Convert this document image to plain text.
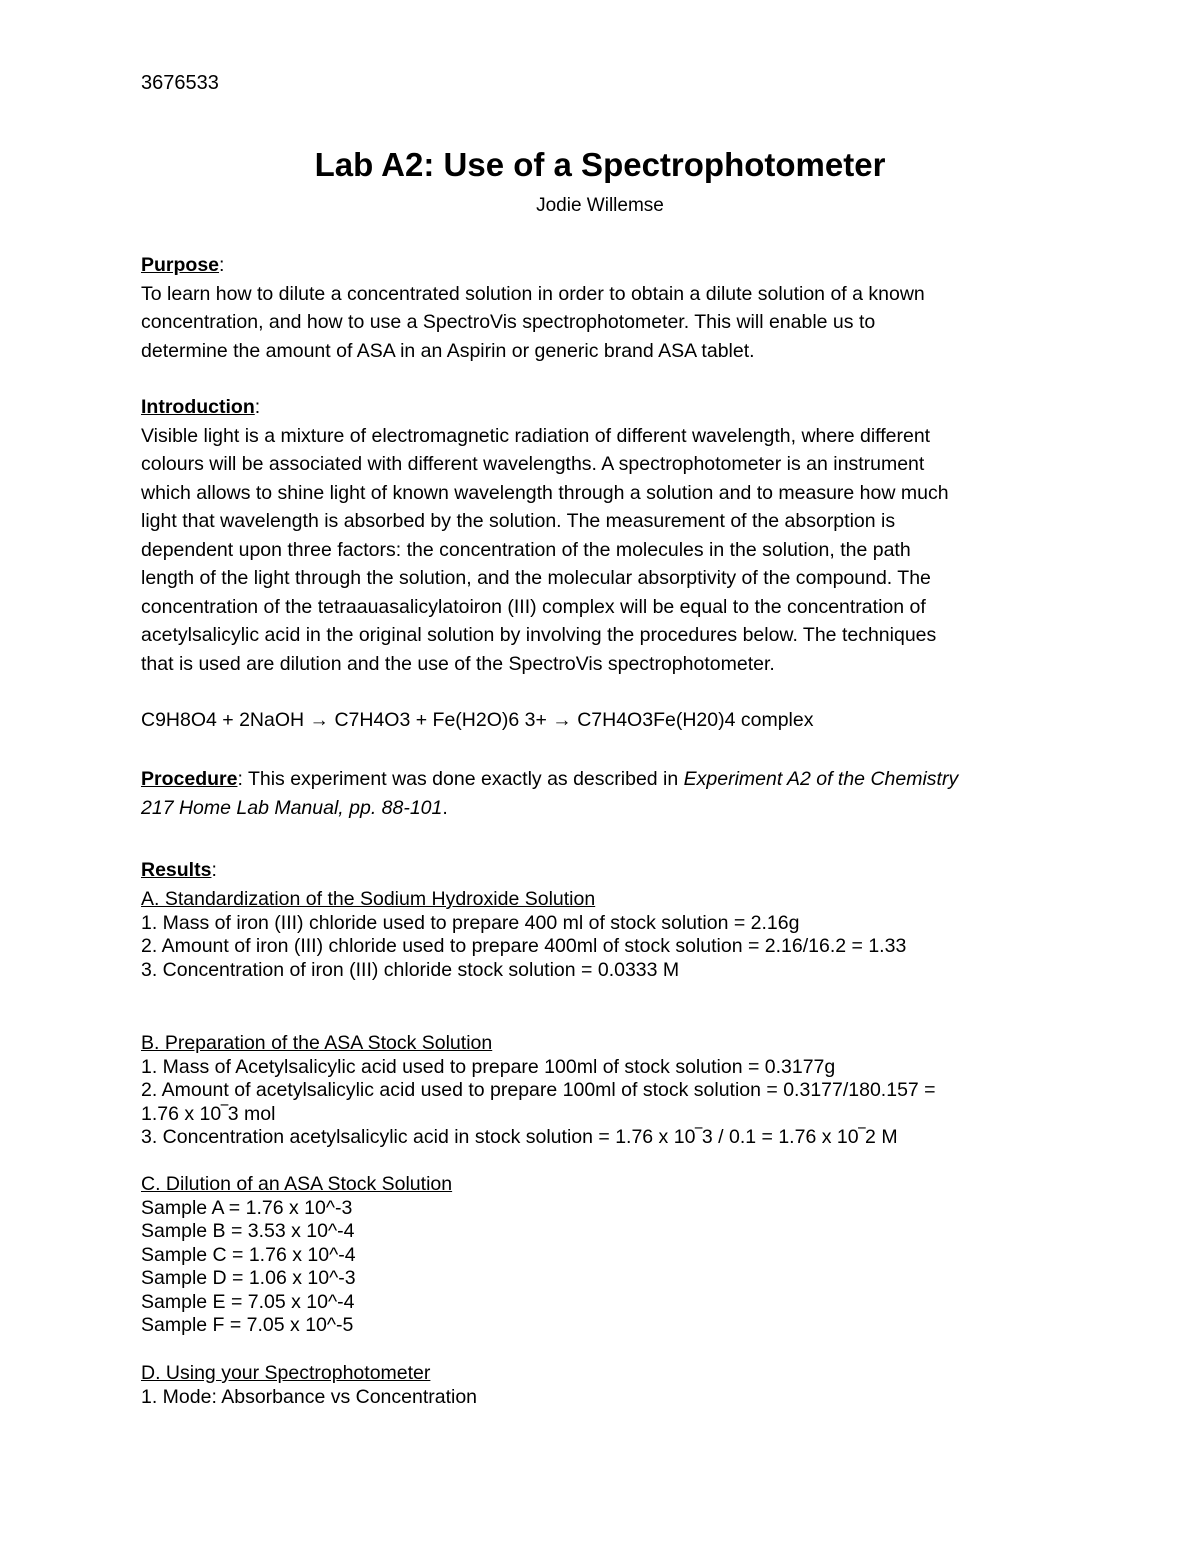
3676533
Lab A2: Use of a Spectrophotometer
Jodie Willemse
Purpose:
To learn how to dilute a concentrated solution in order to obtain a dilute solution of a known
concentration, and how to use a SpectroVis spectrophotometer. This will enable us to
determine the amount of ASA in an Aspirin or generic brand ASA tablet.
Introduction:
Visible light is a mixture of electromagnetic radiation of different wavelength, where different
colours will be associated with different wavelengths. A spectrophotometer is an instrument
which allows to shine light of known wavelength through a solution and to measure how much
light that wavelength is absorbed by the solution. The measurement of the absorption is
dependent upon three factors: the concentration of the molecules in the solution, the path
length of the light through the solution, and the molecular absorptivity of the compound. The
concentration of the tetraauasalicylatoiron (III) complex will be equal to the concentration of
acetylsalicylic acid in the original solution by involving the procedures below. The techniques
that is used are dilution and the use of the SpectroVis spectrophotometer.
C9H8O4 + 2NaOH → C7H4O3 + Fe(H2O)6 3+ → C7H4O3Fe(H20)4 complex
Procedure: This experiment was done exactly as described in Experiment A2 of the Chemistry
217 Home Lab Manual, pp. 88-101.
Results:
A. Standardization of the Sodium Hydroxide Solution
1. Mass of iron (III) chloride used to prepare 400 ml of stock solution = 2.16g
2. Amount of iron (III) chloride used to prepare 400ml of stock solution = 2.16/16.2 = 1.33
3. Concentration of iron (III) chloride stock solution = 0.0333 M
B. Preparation of the ASA Stock Solution
1. Mass of Acetylsalicylic acid used to prepare 100ml of stock solution = 0.3177g
2. Amount of acetylsalicylic acid used to prepare 100ml of stock solution = 0.3177/180.157 =
1.76 x 10‾3 mol
3. Concentration acetylsalicylic acid in stock solution = 1.76 x 10‾3 / 0.1 = 1.76 x 10‾2 M
C. Dilution of an ASA Stock Solution
Sample A = 1.76 x 10^-3
Sample B = 3.53 x 10^-4
Sample C = 1.76 x 10^-4
Sample D = 1.06 x 10^-3
Sample E = 7.05 x 10^-4
Sample F = 7.05 x 10^-5
D. Using your Spectrophotometer
1. Mode: Absorbance vs Concentration
